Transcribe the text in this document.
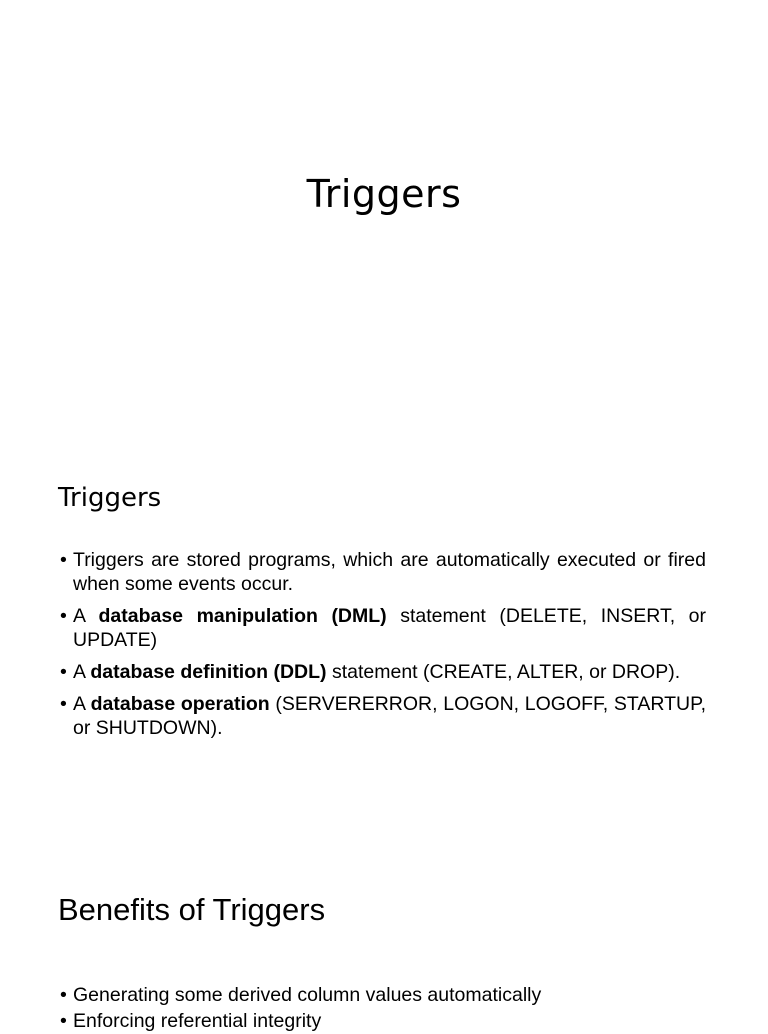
Triggers
Triggers
• Triggers are stored programs, which are automatically executed or fired when some events occur.
• A database manipulation (DML) statement (DELETE, INSERT, or UPDATE)
• A database definition (DDL) statement (CREATE, ALTER, or DROP).
• A database operation (SERVERERROR, LOGON, LOGOFF, STARTUP, or SHUTDOWN).
Benefits of Triggers
• Generating some derived column values automatically
• Enforcing referential integrity
